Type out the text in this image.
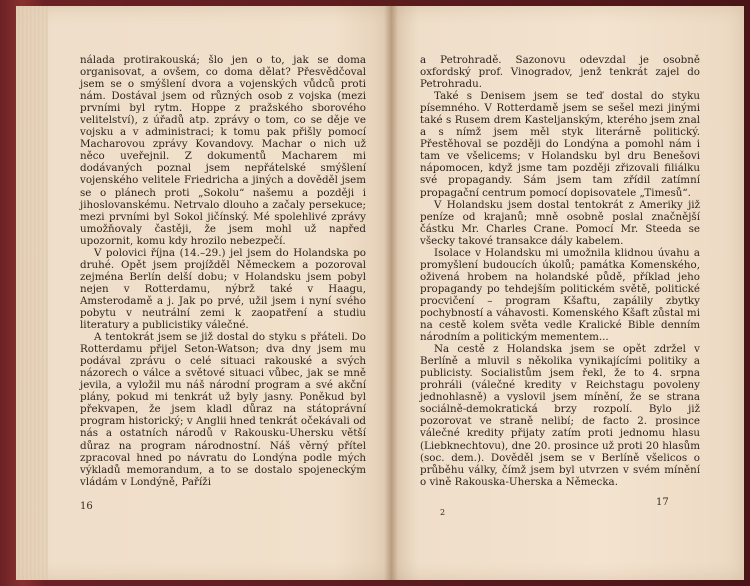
nálada protirakouská; šlo jen o to, jak se doma organisovat, a ovšem, co doma dělat? Přesvědčoval jsem se o smýšlení dvora a vojenských vůdců proti nám. Dostával jsem od různých osob z vojska (mezi prvními byl rytm. Hoppe z pražského sborového velitelství), z úřadů atp. zprávy o tom, co se děje ve vojsku a v administraci; k tomu pak přišly pomocí Macharovou zprávy Kovandovy. Machar o nich už něco uveřejnil. Z dokumentů Macharem mi dodávaných poznal jsem nepřátelské smýšlení vojenského velitele Friedricha a jiných a dověděl jsem se o plánech proti „Sokolu“ našemu a později i jihoslovanskému. Netrvalo dlouho a začaly persekuce; mezi prvními byl Sokol jičínský. Mé spolehlivé zprávy umožňovaly častěji, že jsem mohl už napřed upozornit, komu kdy hrozilo nebezpečí.

V polovici října (14.–29.) jel jsem do Holandska po druhé. Opět jsem projížděl Německem a pozoroval zejména Berlín delší dobu; v Holandsku jsem pobyl nejen v Rotterdamu, nýbrž také v Haagu, Amsterodamě a j. Jak po prvé, užil jsem i nyní svého pobytu v neutrální zemi k zaopatření a studiu literatury a publicistiky válečné.

A tentokrát jsem se již dostal do styku s přáteli. Do Rotterdamu přijel Seton-Watson; dva dny jsem mu podával zprávu o celé situaci rakouské a svých názorech o válce a světové situaci vůbec, jak se mně jevila, a vyložil mu náš národní program a své akční plány, pokud mi tenkrát už byly jasny. Poněkud byl překvapen, že jsem kladl důraz na státoprávní program historický; v Anglii hned tenkrát očekávali od nás a ostatních národů v Rakousku-Uhersku větší důraz na program národnostní. Náš věrný přítel zpracoval hned po návratu do Londýna podle mých výkladů memorandum, a to se dostalo spojeneckým vládám v Londýně, Paříži

16

a Petrohradě. Sazonovu odevzdal je osobně oxfordský prof. Vinogradov, jenž tenkrát zajel do Petrohradu.

Také s Denisem jsem se teď dostal do styku písemného. V Rotterdamě jsem se sešel mezi jinými také s Rusem drem Kasteljanským, kterého jsem znal a s nímž jsem měl styk literárně politický. Přestěhoval se později do Londýna a pomohl nám i tam ve všelicems; v Holandsku byl dru Benešovi nápomocen, když jsme tam později zřizovali filiálku své propagandy. Sám jsem tam zřídil zatímní propagační centrum pomocí dopisovatele „Timesů“.

V Holandsku jsem dostal tentokrát z Ameriky již peníze od krajanů; mně osobně poslal značnější částku Mr. Charles Crane. Pomocí Mr. Steeda se všecky takové transakce dály kabelem.

Isolace v Holandsku mi umožnila klidnou úvahu a promyšlení budoucích úkolů; památka Komenského, oživená hrobem na holandské půdě, příklad jeho propagandy po tehdejším politickém světě, politické procvičení – program Kšaftu, zapálily zbytky pochybností a váhavosti. Komenského Kšaft zůstal mi na cestě kolem světa vedle Kralické Bible denním národním a politickým mementem...

Na cestě z Holandska jsem se opět zdržel v Berlíně a mluvil s několika vynikajícími politiky a publicisty. Socialistům jsem řekl, že to 4. srpna prohráli (válečné kredity v Reichstagu povoleny jednohlasně) a vyslovil jsem mínění, že se strana sociálně-demokratická brzy rozpolí. Bylo již pozorovat ve straně nelibí; de facto 2. prosince válečné kredity přijaty zatím proti jednomu hlasu (Liebknechtovu), dne 20. prosince už proti 20 hlasům (soc. dem.). Dověděl jsem se v Berlíně všelicos o průběhu války, čímž jsem byl utvrzen v svém mínění o vině Rakouska-Uherska a Německa.

2
17
